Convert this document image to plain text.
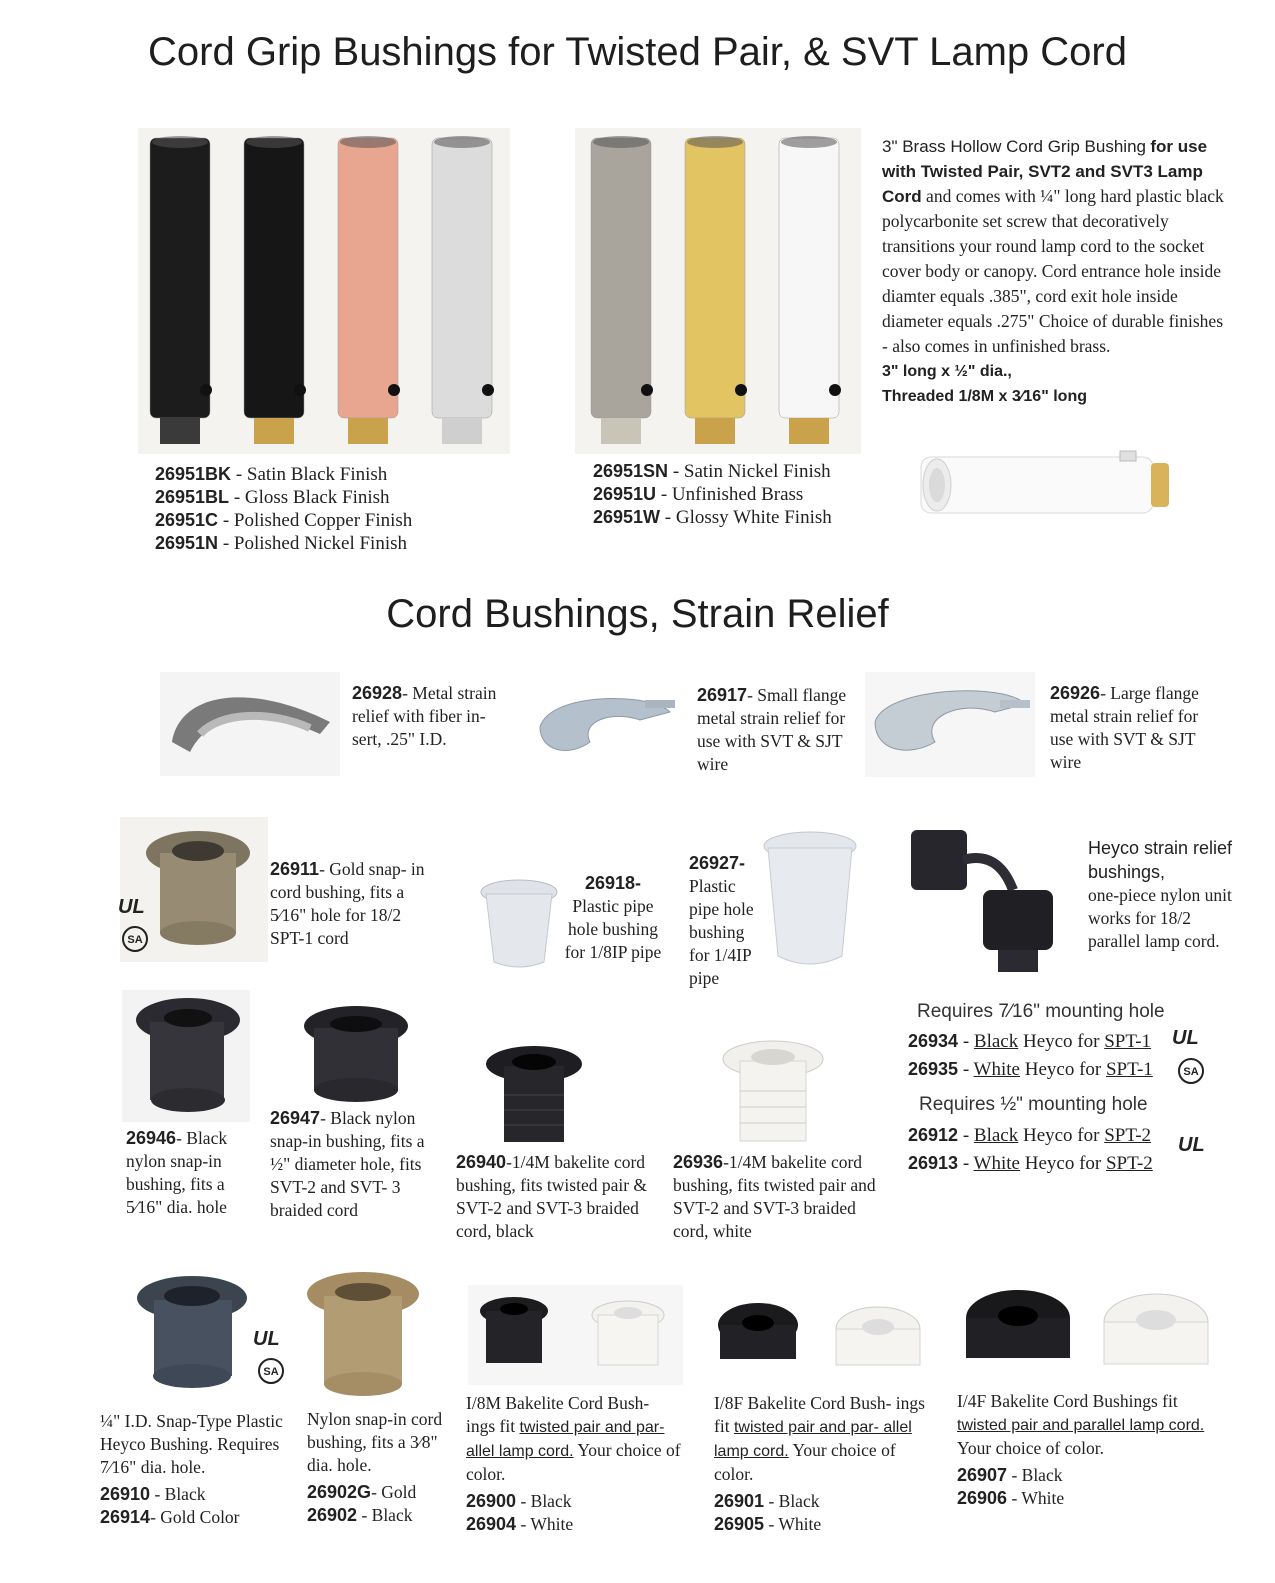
Cord Grip Bushings for Twisted Pair, & SVT Lamp Cord
Cord Bushings, Strain Relief
26951BK - Satin Black Finish
26951BL - Gloss Black Finish
26951C - Polished Copper Finish
26951N - Polished Nickel Finish
26951SN - Satin Nickel Finish
26951U - Unfinished Brass
26951W - Glossy White Finish
3" Brass Hollow Cord Grip Bushing for use with Twisted Pair, SVT2 and SVT3 Lamp Cord and comes with ¼" long hard plastic black polycarbonite set screw that decoratively transitions your round lamp cord to the socket cover body or canopy. Cord entrance hole inside diamter equals .385", cord exit hole inside diameter equals .275" Choice of durable finishes - also comes in unfinished brass.
3" long x ½" dia.,
Threaded 1/8M x 3⁄16" long
26928- Metal strain relief with fiber in- sert, .25" I.D.
26917- Small flange metal strain relief for use with SVT & SJT wire
26926- Large flange metal strain relief for use with SVT & SJT wire
UL
SA
26911- Gold snap- in cord bushing, fits a 5⁄16" hole for 18/2 SPT-1 cord
26918-
Plastic pipe hole bushing for 1/8IP pipe
26927-
Plastic pipe hole bushing for 1/4IP pipe
Heyco strain relief bushings,
one-piece nylon unit works for 18/2 parallel lamp cord.
Requires 7⁄16" mounting hole
26934 - Black Heyco for SPT-1
26935 - White Heyco for SPT-1
UL
SA
Requires ½" mounting hole
26912 - Black Heyco for SPT-2
26913 - White Heyco for SPT-2
UL
26946- Black nylon snap-in bushing, fits a 5⁄16" dia. hole
26947- Black nylon snap-in bushing, fits a ½" diameter hole, fits SVT-2 and SVT- 3 braided cord
26940-1/4M bakelite cord bushing, fits twisted pair & SVT-2 and SVT-3 braided cord, black
26936-1/4M bakelite cord bushing, fits twisted pair and SVT-2 and SVT-3 braided cord, white
UL
SA
¼" I.D. Snap-Type Plastic Heyco Bushing. Requires 7⁄16" dia. hole.
26910 - Black
26914- Gold Color
Nylon snap-in cord bushing, fits a 3⁄8" dia. hole.
26902G- Gold
26902 - Black
I/8M Bakelite Cord Bush- ings fit twisted pair and par- allel lamp cord. Your choice of color.
26900 - Black
26904 - White
I/8F Bakelite Cord Bush- ings fit twisted pair and par- allel lamp cord. Your choice of color.
26901 - Black
26905 - White
I/4F Bakelite Cord Bushings fit twisted pair and parallel lamp cord. Your choice of color.
26907 - Black
26906 - White
